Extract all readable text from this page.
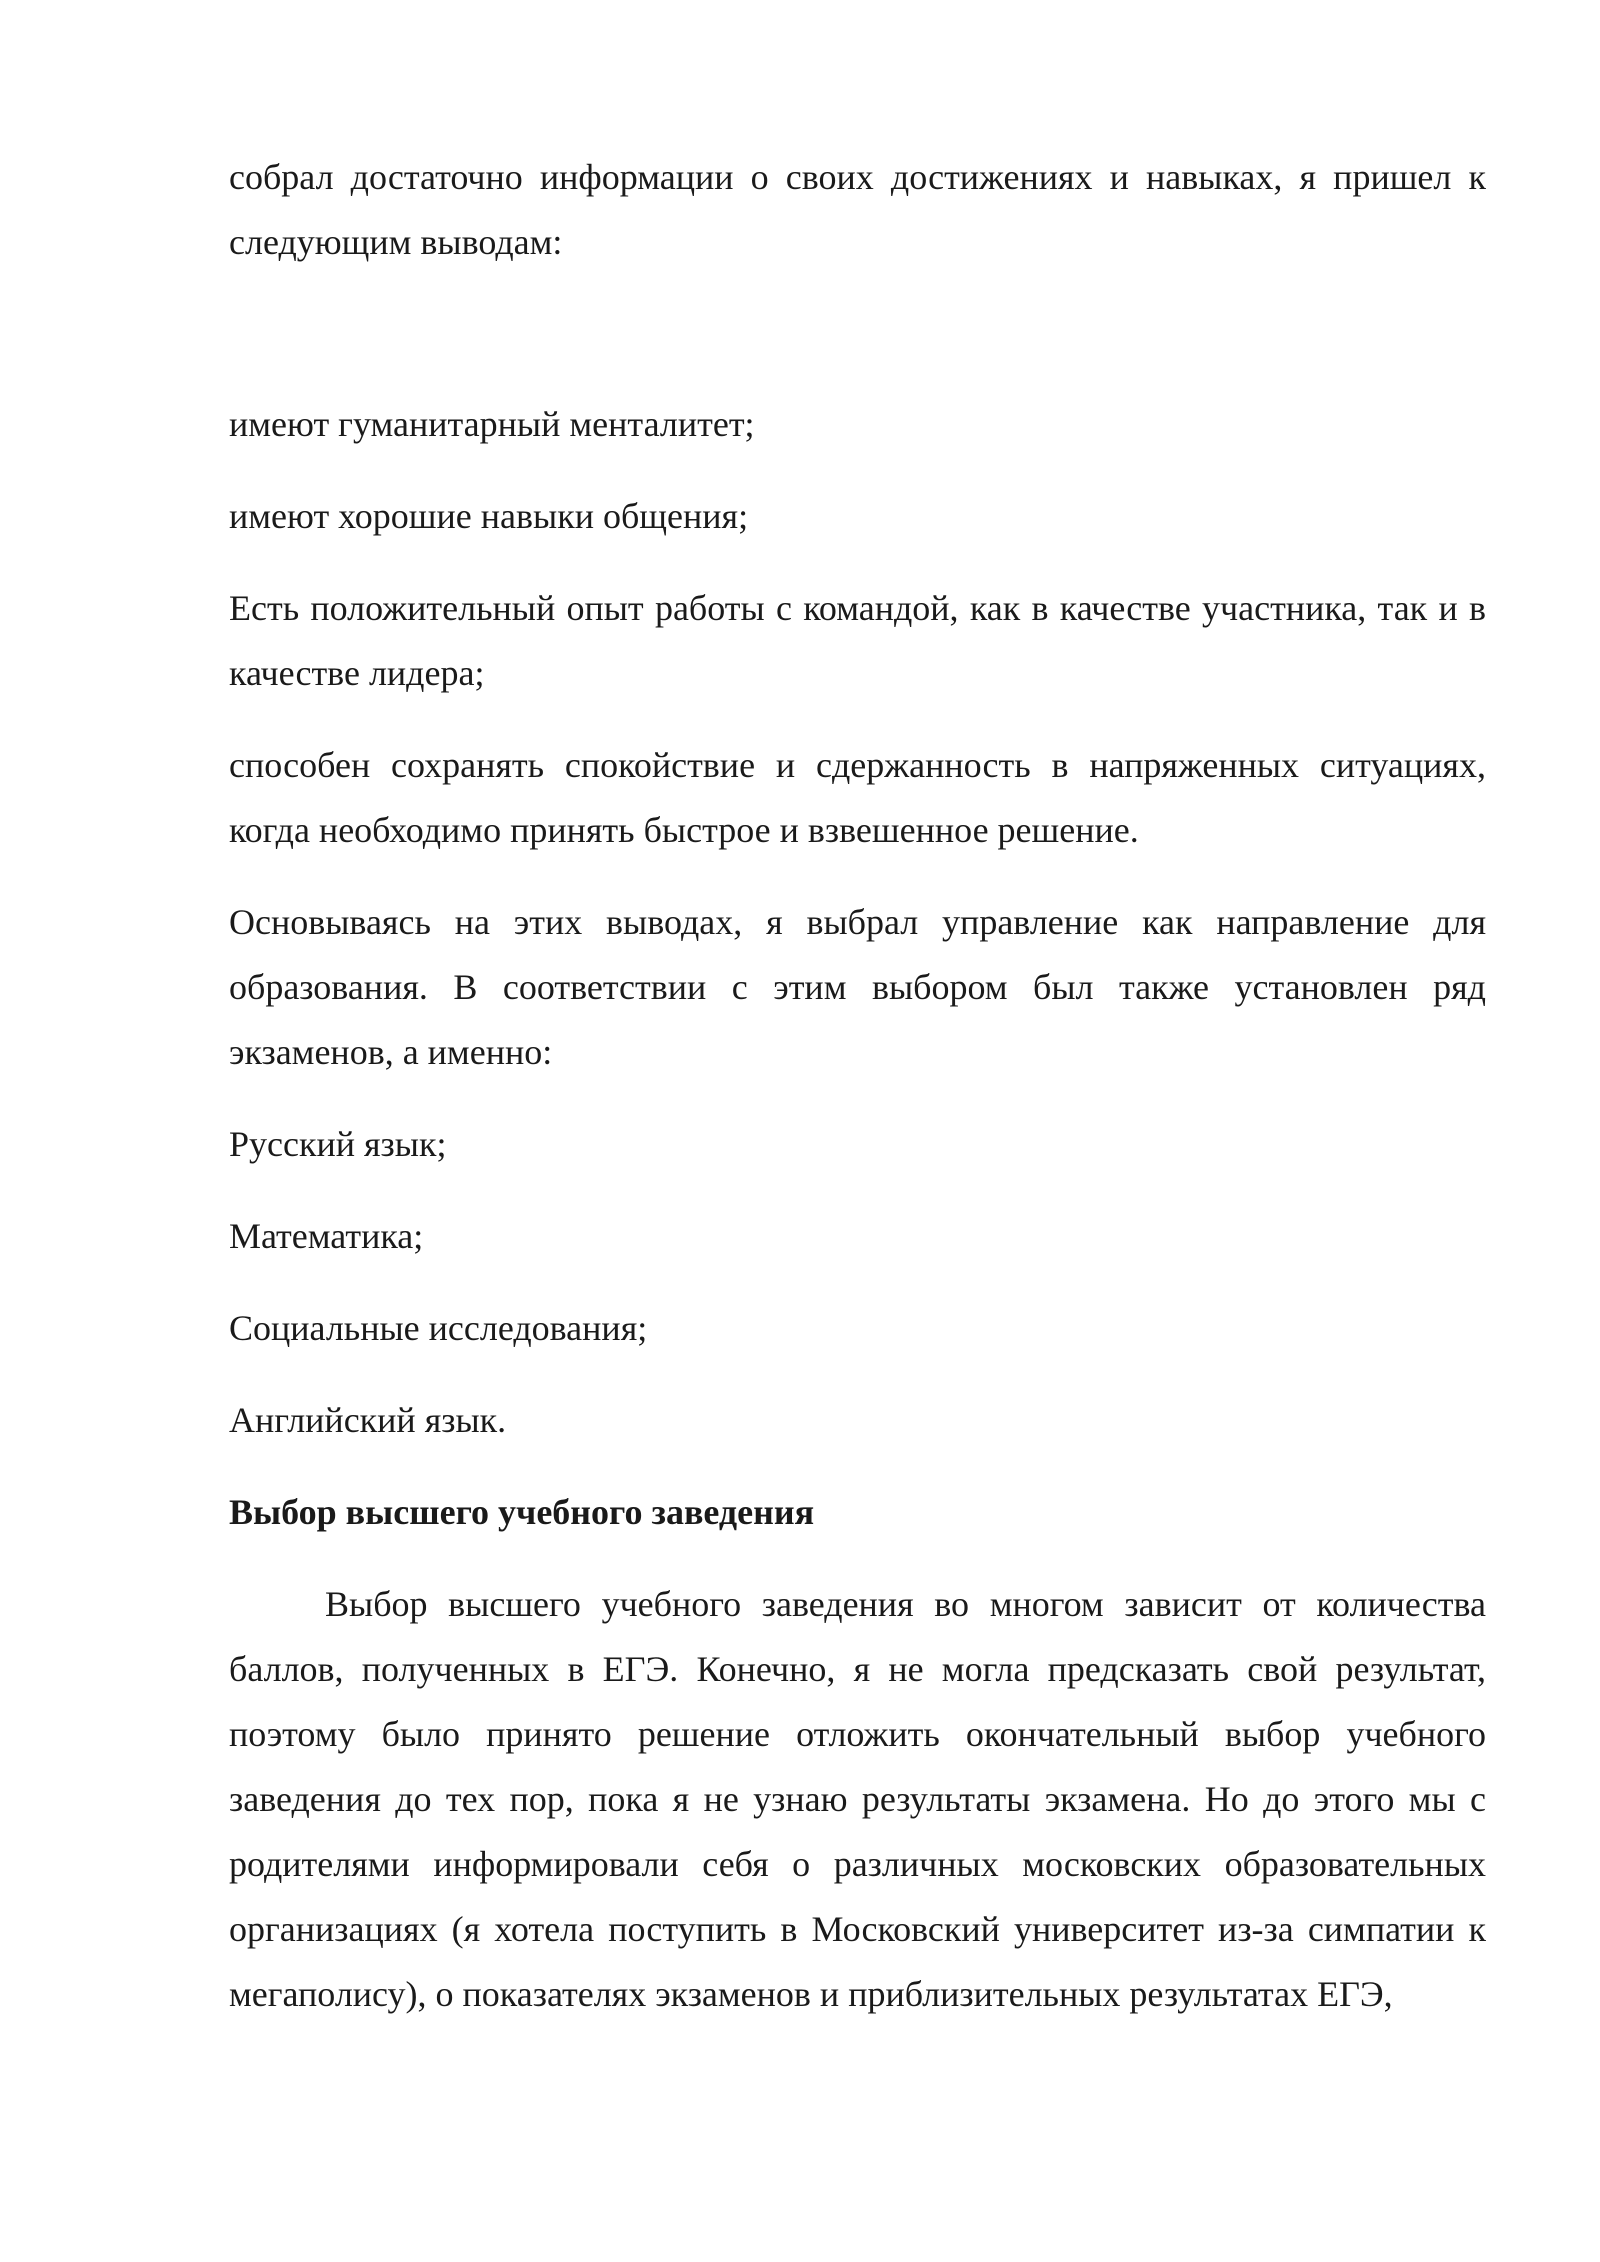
собрал достаточно информации о своих достижениях и навыках, я пришел к следующим выводам:

имеют гуманитарный менталитет;

имеют хорошие навыки общения;

Есть положительный опыт работы с командой, как в качестве участника, так и в качестве лидера;

способен сохранять спокойствие и сдержанность в напряженных ситуациях, когда необходимо принять быстрое и взвешенное решение.

Основываясь на этих выводах, я выбрал управление как направление для образования. В соответствии с этим выбором был также установлен ряд экзаменов, а именно:

Русский язык;

Математика;

Социальные исследования;

Английский язык.

Выбор высшего учебного заведения

Выбор высшего учебного заведения во многом зависит от количества баллов, полученных в ЕГЭ. Конечно, я не могла предсказать свой результат, поэтому было принято решение отложить окончательный выбор учебного заведения до тех пор, пока я не узнаю результаты экзамена. Но до этого мы с родителями информировали себя о различных московских образовательных организациях (я хотела поступить в Московский университет из-за симпатии к мегаполису), о показателях экзаменов и приблизительных результатах ЕГЭ,
